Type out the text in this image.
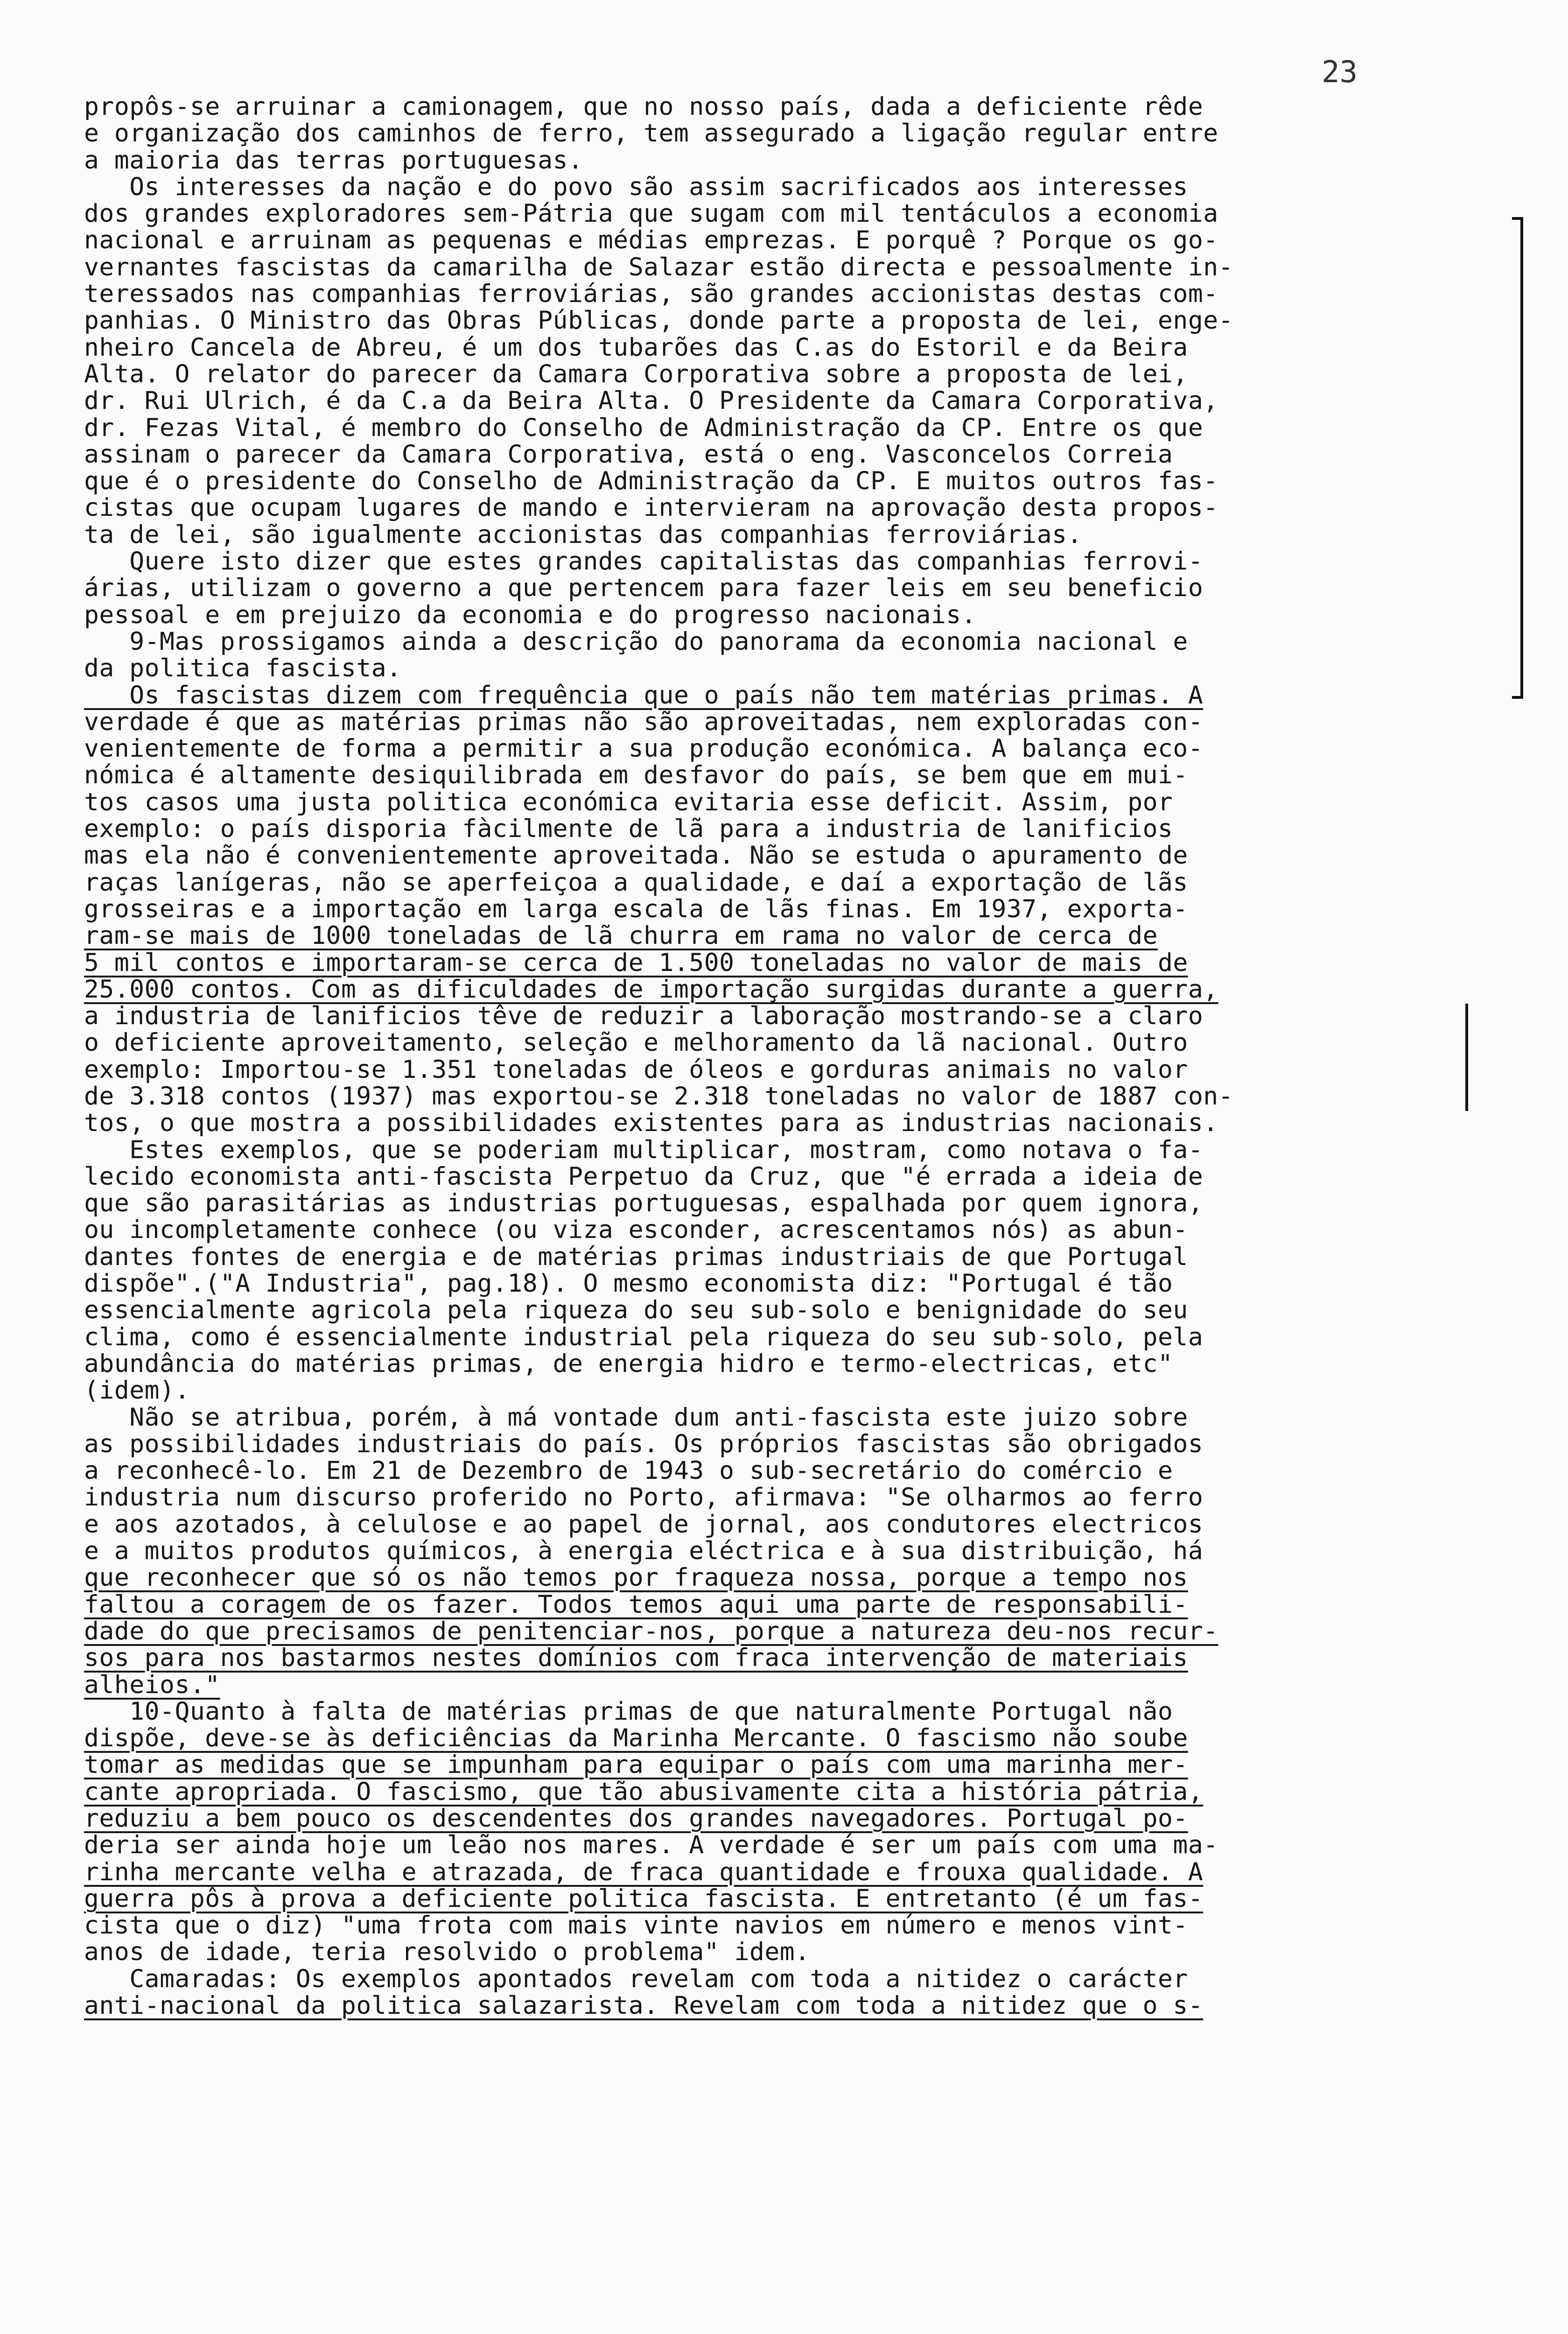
23
propôs-se arruinar a camionagem, que no nosso país, dada a deficiente rêde
e organização dos caminhos de ferro, tem assegurado a ligação regular entre
a maioria das terras portuguesas.
Os interesses da nação e do povo são assim sacrificados aos interesses
dos grandes exploradores sem-Pátria que sugam com mil tentáculos a economia
nacional e arruinam as pequenas e médias emprezas. E porquê ? Porque os go-
vernantes fascistas da camarilha de Salazar estão directa e pessoalmente in-
teressados nas companhias ferroviárias, são grandes accionistas destas com-
panhias. O Ministro das Obras Públicas, donde parte a proposta de lei, enge-
nheiro Cancela de Abreu, é um dos tubarões das C.as do Estoril e da Beira
Alta. O relator do parecer da Camara Corporativa sobre a proposta de lei,
dr. Rui Ulrich, é da C.a da Beira Alta. O Presidente da Camara Corporativa,
dr. Fezas Vital, é membro do Conselho de Administração da CP. Entre os que
assinam o parecer da Camara Corporativa, está o eng. Vasconcelos Correia
que é o presidente do Conselho de Administração da CP. E muitos outros fas-
cistas que ocupam lugares de mando e intervieram na aprovação desta propos-
ta de lei, são igualmente accionistas das companhias ferroviárias.
Quere isto dizer que estes grandes capitalistas das companhias ferrovi-
árias, utilizam o governo a que pertencem para fazer leis em seu beneficio
pessoal e em prejuizo da economia e do progresso nacionais.
9-Mas prossigamos ainda a descrição do panorama da economia nacional e
da politica fascista.
Os fascistas dizem com frequência que o país não tem matérias primas. A
verdade é que as matérias primas não são aproveitadas, nem exploradas con-
venientemente de forma a permitir a sua produção económica. A balança eco-
nómica é altamente desiquilibrada em desfavor do país, se bem que em mui-
tos casos uma justa politica económica evitaria esse deficit. Assim, por
exemplo: o país disporia fàcilmente de lã para a industria de lanificios
mas ela não é convenientemente aproveitada. Não se estuda o apuramento de
raças lanígeras, não se aperfeiçoa a qualidade, e daí a exportação de lãs
grosseiras e a importação em larga escala de lãs finas. Em 1937, exporta-
ram-se mais de 1000 toneladas de lã churra em rama no valor de cerca de
5 mil contos e importaram-se cerca de 1.500 toneladas no valor de mais de
25.000 contos. Com as dificuldades de importação surgidas durante a guerra,
a industria de lanificios têve de reduzir a laboração mostrando-se a claro
o deficiente aproveitamento, seleção e melhoramento da lã nacional. Outro
exemplo: Importou-se 1.351 toneladas de óleos e gorduras animais no valor
de 3.318 contos (1937) mas exportou-se 2.318 toneladas no valor de 1887 con-
tos, o que mostra a possibilidades existentes para as industrias nacionais.
Estes exemplos, que se poderiam multiplicar, mostram, como notava o fa-
lecido economista anti-fascista Perpetuo da Cruz, que "é errada a ideia de
que são parasitárias as industrias portuguesas, espalhada por quem ignora,
ou incompletamente conhece (ou viza esconder, acrescentamos nós) as abun-
dantes fontes de energia e de matérias primas industriais de que Portugal
dispõe".("A Industria", pag.18). O mesmo economista diz: "Portugal é tão
essencialmente agricola pela riqueza do seu sub-solo e benignidade do seu
clima, como é essencialmente industrial pela riqueza do seu sub-solo, pela
abundância do matérias primas, de energia hidro e termo-electricas, etc"
(idem).
Não se atribua, porém, à má vontade dum anti-fascista este juizo sobre
as possibilidades industriais do país. Os próprios fascistas são obrigados
a reconhecê-lo. Em 21 de Dezembro de 1943 o sub-secretário do comércio e
industria num discurso proferido no Porto, afirmava: "Se olharmos ao ferro
e aos azotados, à celulose e ao papel de jornal, aos condutores electricos
e a muitos produtos químicos, à energia eléctrica e à sua distribuição, há
que reconhecer que só os não temos por fraqueza nossa, porque a tempo nos
faltou a coragem de os fazer. Todos temos aqui uma parte de responsabili-
dade do que precisamos de penitenciar-nos, porque a natureza deu-nos recur-
sos para nos bastarmos nestes domínios com fraca intervenção de materiais
alheios."
10-Quanto à falta de matérias primas de que naturalmente Portugal não
dispõe, deve-se às deficiências da Marinha Mercante. O fascismo não soube
tomar as medidas que se impunham para equipar o país com uma marinha mer-
cante apropriada. O fascismo, que tão abusivamente cita a história pátria,
reduziu a bem pouco os descendentes dos grandes navegadores. Portugal po-
deria ser ainda hoje um leão nos mares. A verdade é ser um país com uma ma-
rinha mercante velha e atrazada, de fraca quantidade e frouxa qualidade. A
guerra pôs à prova a deficiente politica fascista. E entretanto (é um fas-
cista que o diz) "uma frota com mais vinte navios em número e menos vint-
anos de idade, teria resolvido o problema" idem.
Camaradas: Os exemplos apontados revelam com toda a nitidez o carácter
anti-nacional da politica salazarista. Revelam com toda a nitidez que o s-
